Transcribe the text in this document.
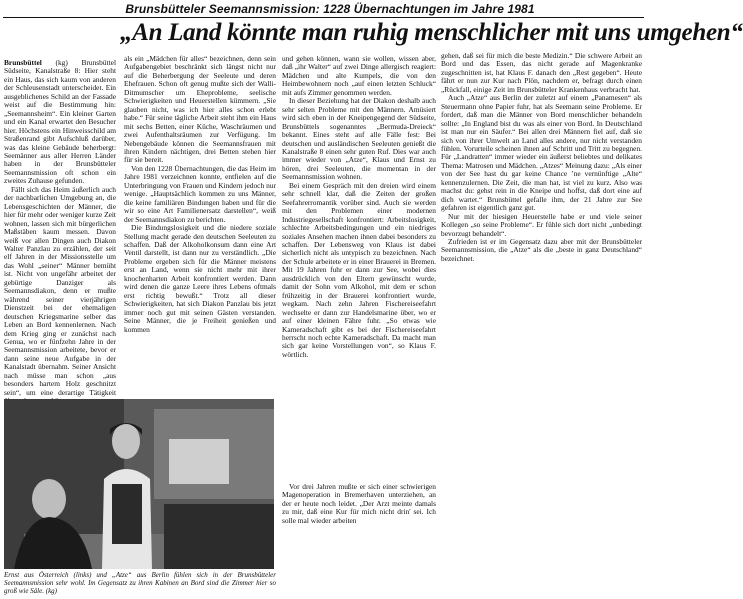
Brunsbütteler Seemannsmission: 1228 Übernachtungen im Jahre 1981
„An Land könnte man ruhig menschlicher mit uns umgehen“

Brunsbüttel (kg) Brunsbüttel Südseite, Kanalstraße 8: Hier steht ein Haus, das sich kaum von anderen der Schleusenstadt unterscheidet. Ein ausgeblichenes Schild an der Fassade weist auf die Bestimmung hin: „Seemannsheim“. Ein kleiner Garten und ein Kanal erwartet den Besucher hier. Höchstens ein Hinweisschild am Straßenrand gibt Aufschluß darüber, was das kleine Gebäude beherbergt: Seemänner aus aller Herren Länder haben in der Brunsbütteler Seemannsmission oft schon ein zweites Zuhause gefunden.

Fällt sich das Heim äußerlich auch der nachbarlichen Umgebung an, die Lebensgeschichten der Männer, die hier für mehr oder weniger kurze Zeit wohnen, lassen sich mit bürgerlichen Maßstäben kaum messen. Davon weiß vor allen Dingen auch Diakon Walter Panzlau zu erzählen, der seit elf Jahren in der Missionsstelle um das Wohl „seiner“ Männer bemüht ist. Nicht von ungefähr arbeitet der gebürtige Danziger als Seemannsdiakon, denn er mußte während seiner vierjährigen Dienstzeit bei der ehemaligen deutschen Kriegsmarine selber das Leben an Bord kennenlernen. Nach dem Krieg ging er zunächst nach Genua, wo er fünfzehn Jahre in der Seemannsmission arbeitete, bevor er dann seine neue Aufgabe in der Kanalstadt übernahm. Seiner Ansicht nach müsse man schon „aus besonders hartem Holz geschnitzt sein“, um eine derartige Tätigkeit

als ein „Mädchen für alles“ bezeichnen, denn sein Aufgabengebiet beschränkt sich längst nicht nur auf die Beherbergung der Seeleute und deren Ehefrauen. Schon oft genug mußte sich der Walli-Ditmumscher um Eheprobleme, seelische Schwierigkeiten und Heuerstellen kümmern. „Sie glauben nicht, was ich hier alles schon erlebt habe.“ Für seine tägliche Arbeit steht ihm ein Haus mit sechs Betten, einer Küche, Waschräumen und zwei Aufenthaltsräumen zur Verfügung. Im Nebengebäude können die Seemannsfrauen mit ihren Kindern nächtigen, drei Betten stehen hier für sie bereit.

Von den 1228 Übernachtungen, die das Heim im Jahre 1981 verzeichnen konnte, entfielen auf die Unterbringung von Frauen und Kindern jedoch nur wenige. „Hauptsächlich kommen zu uns Männer, die keine familiären Bindungen haben und für die wir so eine Art Familienersatz darstellen“, weiß der Seemannsdiakon zu berichten.

Die Bindungslosigkeit und die niedere soziale Stellung macht gerade den deutschen Seeleuten zu schaffen. Daß der Alkoholkonsum dann eine Art Ventil darstellt, ist dann nur zu verständlich. „Die Probleme ergeben sich für die Männer meistens erst an Land, wenn sie nicht mehr mit ihrer knochenharten Arbeit konfrontiert werden. Dann wird denen die ganze Leere ihres Lebens oftmals erst richtig bewußt.“ Trotz all dieser Schwierigkeiten, hat sich Diakon Panzlau bis jetzt immer noch gut mit seinen Gästen verstanden. Seine Männer, die je Freiheit genießen und kommen

und gehen können, wann sie wollen, wissen aber, daß „ihr Walter“ auf zwei Dinge allergisch reagiert: Mädchen und alte Kumpels, die von den Heimbewohnern noch „auf einen letzten Schluck“ mit aufs Zimmer genommen werden.

In dieser Beziehung hat der Diakon deshalb auch sehr selten Probleme mit den Männern. Amüsiert wird sich eben in der Kneipengegend der Südseite, Brunsbüttels sogenanntes „Bermuda-Dreieck“ bekannt. Eines steht auf alle Fälle fest: Bei deutschen und ausländischen Seeleuten genießt die Kanalstraße 8 einen sehr guten Ruf. Dies war auch immer wieder von „Atze“, Klaus und Ernst zu hören, drei Seeleuten, die momentan in der Seemannsmission wohnen.

Bei einem Gespräch mit den dreien wird einem sehr schnell klar, daß die Zeiten der großen Seefahrerromantik vorüber sind. Auch sie werden mit den Problemen einer modernen Industriegesellschaft konfrontiert: Arbeitslosigkeit, schlechte Arbeitsbedingungen und ein niedriges soziales Ansehen machen ihnen dabei besonders zu schaffen. Der Lebensweg von Klaus ist dabei sicherlich nicht als untypisch zu bezeichnen. Nach der Schule arbeitete er in einer Brauerei in Bremen. Mit 19 Jahren fuhr er dann zur See, wobei dies ausdrücklich von den Eltern gewünscht wurde, damit der Sohn vom Alkohol, mit dem er schon frühzeitig in der Brauerei konfrontiert wurde, wegkam. Nach zehn Jahren Fischereiseefahrt wechselte er dann zur Handelsmarine über, wo er auf einer kleinen Fähre fuhr. „So etwas wie Kameradschaft gibt es bei der Fischereiseefahrt herrscht noch echte Kameradschaft. Da macht man sich gar keine Vorstellungen von“, so Klaus F. wörtlich.

Vor drei Jahren mußte er sich einer schwierigen Magenoperation in Bremerhaven unterziehen, an der er heute noch leidet. „Der Arzt meinte damals zu mir, daß eine Kur für mich nicht drin' sei. Ich solle mal wieder arbeiten

gehen, daß sei für mich die beste Medizin.“ Die schwere Arbeit an Bord und das Essen, das nicht gerade auf Magenkranke zugeschnitten ist, hat Klaus F. danach den „Rest gegeben“. Heute fährt er nun zur Kur nach Plön, nachdem er, befragt durch einen „Rückfall, einige Zeit im Brunsbütteler Krankenhaus verbracht hat.

Auch „Atze“ aus Berlin der zuletzt auf einem „Panamesen“ als Steuermann ohne Papier fuhr, hat als Seemann seine Probleme. Er fordert, daß man die Männer von Bord menschlicher behandeln sollte: „In England bist du was als einer von Bord. In Deutschland ist man nur ein Säufer.“ Bei allen drei Männern fiel auf, daß sie sich von ihrer Umwelt an Land alles andere, nur nicht verstanden fühlen. Vorurteile scheinen ihnen auf Schritt und Tritt zu begegnen. Für „Landratten“ immer wieder ein äußerst beliebtes und delikates Thema: Matrosen und Mädchen. „Atzes“ Meinung dazu: „Als einer von der See hast du gar keine Chance ’ne vernünftige „Alte“ kennenzulernen. Die Zeit, die man hat, ist viel zu kurz. Also was machst du: gehst rein in die Kneipe und hoffst, daß dort eine auf dich wartet.“ Brunsbüttel gefalle ihm, der 21 Jahre zur See gefahren ist eigentlich ganz gut.

Nur mit der hiesigen Heuerstelle habe er und viele seiner Kollegen „so seine Probleme“. Er fühle sich dort nicht „unbedingt bevorzugt behandelt“.

Zufrieden ist er im Gegensatz dazu aber mit der Brunsbütteler Seemannsmission, die „Atze“ als die „beste in ganz Deutschland“ bezeichnet.

Ernst aus Österreich (links) und „Atze“ aus Berlin fühlen sich in der Brunsbütteler Seemannsmission sehr wohl. Im Gegensatz zu ihren Kabinen an Bord sind die Zimmer hier so groß wie Säle. (kg)
